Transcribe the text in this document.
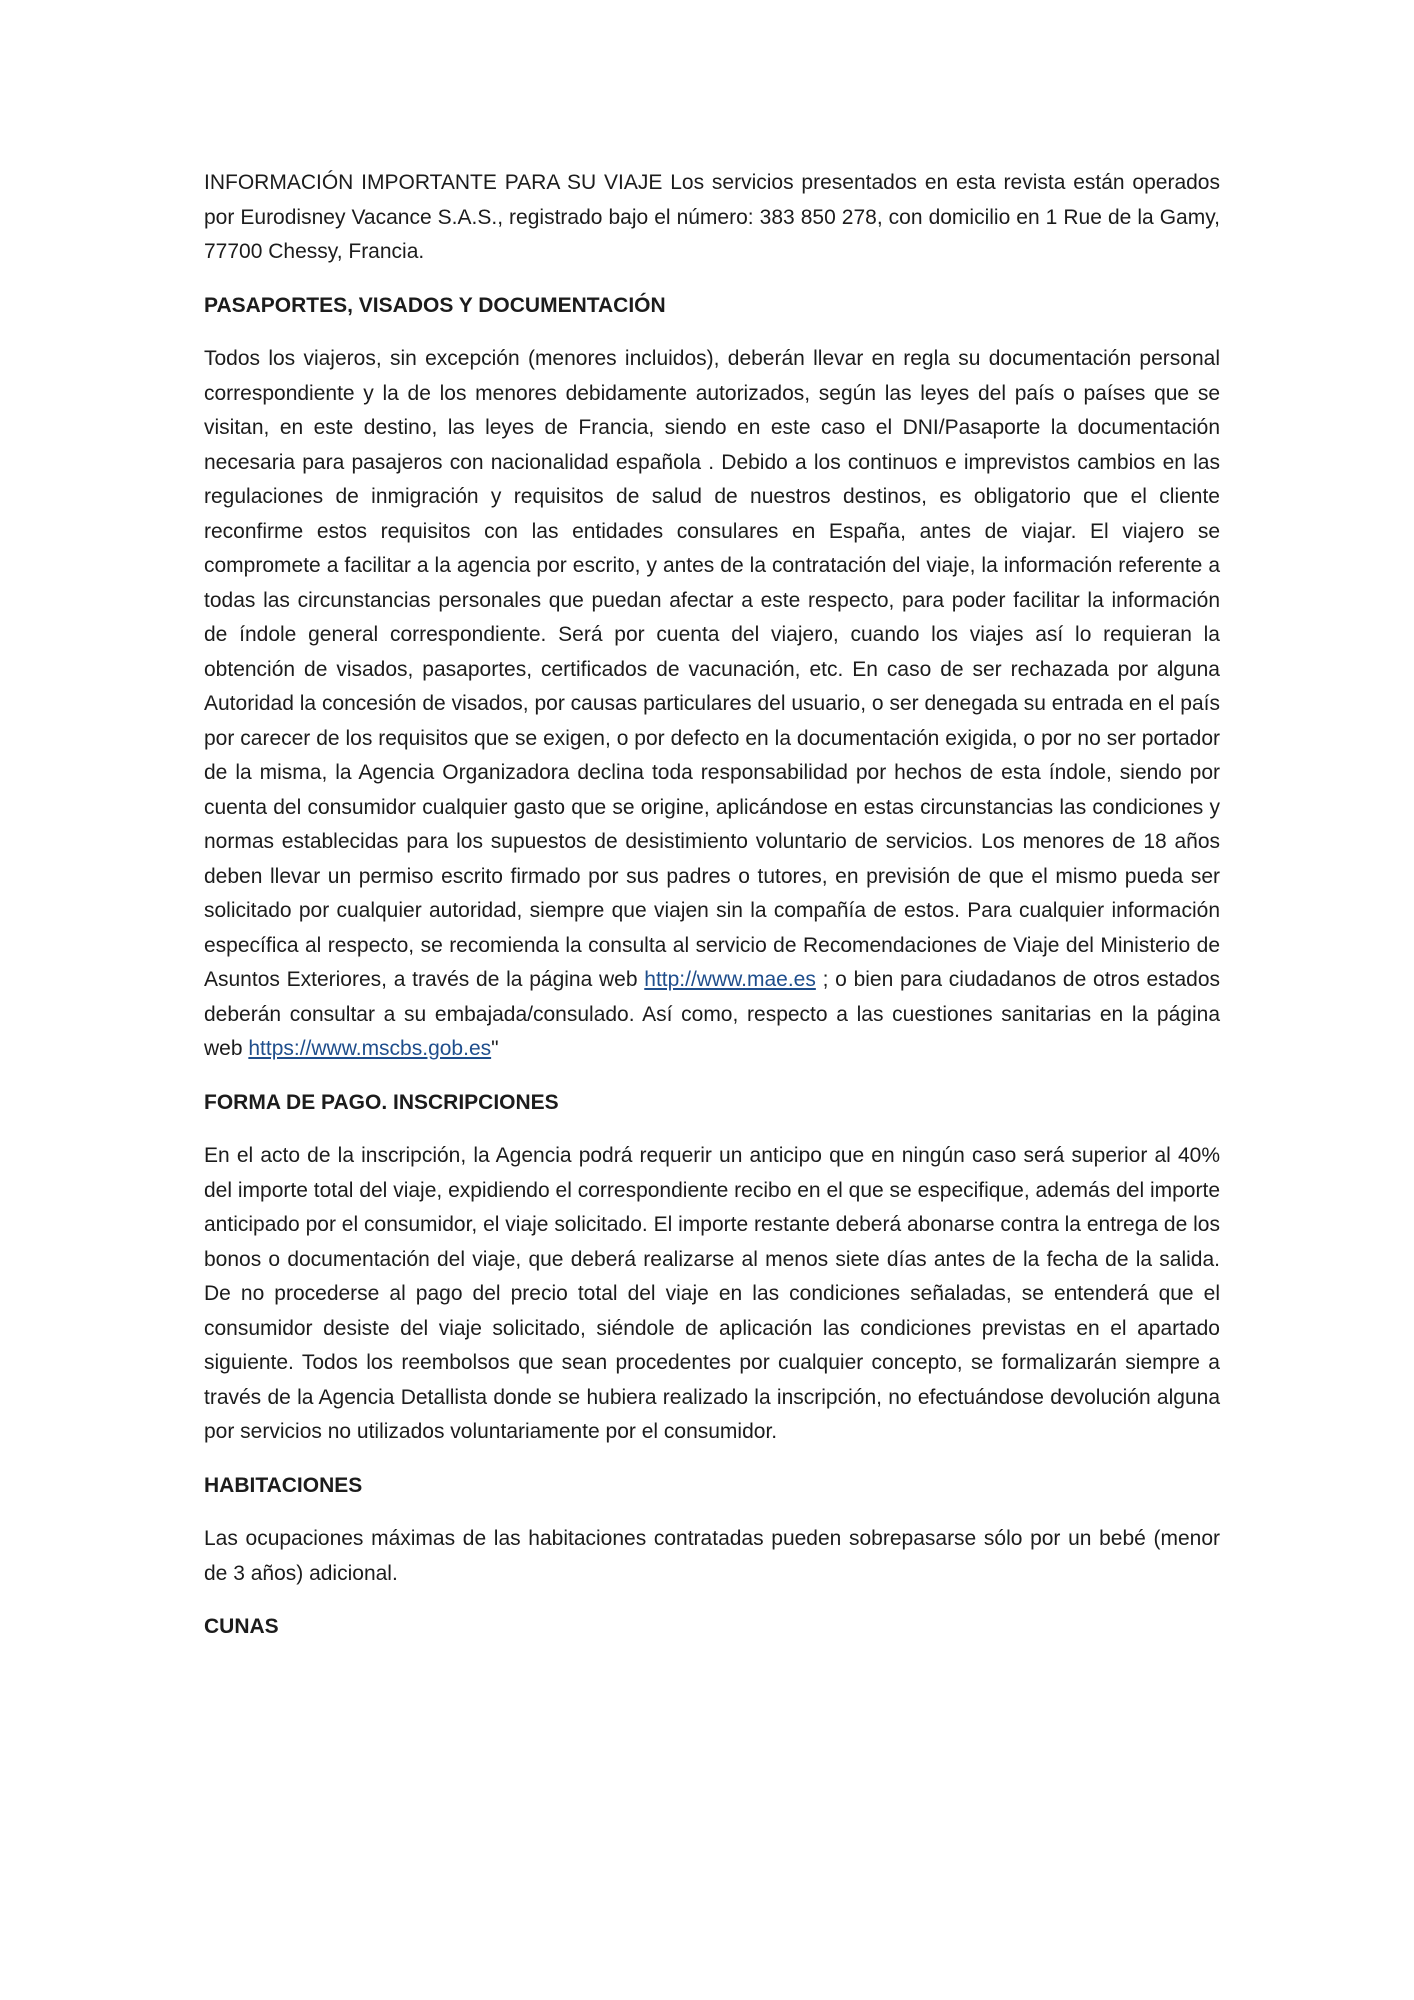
INFORMACIÓN IMPORTANTE PARA SU VIAJE Los servicios presentados en esta revista están operados por Eurodisney Vacance S.A.S., registrado bajo el número: 383 850 278, con domicilio en 1 Rue de la Gamy, 77700 Chessy, Francia.

PASAPORTES, VISADOS Y DOCUMENTACIÓN

Todos los viajeros, sin excepción (menores incluidos), deberán llevar en regla su documentación personal correspondiente y la de los menores debidamente autorizados, según las leyes del país o países que se visitan, en este destino, las leyes de Francia, siendo en este caso el DNI/Pasaporte la documentación necesaria para pasajeros con nacionalidad española . Debido a los continuos e imprevistos cambios en las regulaciones de inmigración y requisitos de salud de nuestros destinos, es obligatorio que el cliente reconfirme estos requisitos con las entidades consulares en España, antes de viajar. El viajero se compromete a facilitar a la agencia por escrito, y antes de la contratación del viaje, la información referente a todas las circunstancias personales que puedan afectar a este respecto, para poder facilitar la información de índole general correspondiente. Será por cuenta del viajero, cuando los viajes así lo requieran la obtención de visados, pasaportes, certificados de vacunación, etc. En caso de ser rechazada por alguna Autoridad la concesión de visados, por causas particulares del usuario, o ser denegada su entrada en el país por carecer de los requisitos que se exigen, o por defecto en la documentación exigida, o por no ser portador de la misma, la Agencia Organizadora declina toda responsabilidad por hechos de esta índole, siendo por cuenta del consumidor cualquier gasto que se origine, aplicándose en estas circunstancias las condiciones y normas establecidas para los supuestos de desistimiento voluntario de servicios. Los menores de 18 años deben llevar un permiso escrito firmado por sus padres o tutores, en previsión de que el mismo pueda ser solicitado por cualquier autoridad, siempre que viajen sin la compañía de estos. Para cualquier información específica al respecto, se recomienda la consulta al servicio de Recomendaciones de Viaje del Ministerio de Asuntos Exteriores, a través de la página web http://www.mae.es ; o bien para ciudadanos de otros estados deberán consultar a su embajada/consulado. Así como, respecto a las cuestiones sanitarias en la página web https://www.mscbs.gob.es"

FORMA DE PAGO. INSCRIPCIONES

En el acto de la inscripción, la Agencia podrá requerir un anticipo que en ningún caso será superior al 40% del importe total del viaje, expidiendo el correspondiente recibo en el que se especifique, además del importe anticipado por el consumidor, el viaje solicitado. El importe restante deberá abonarse contra la entrega de los bonos o documentación del viaje, que deberá realizarse al menos siete días antes de la fecha de la salida. De no procederse al pago del precio total del viaje en las condiciones señaladas, se entenderá que el consumidor desiste del viaje solicitado, siéndole de aplicación las condiciones previstas en el apartado siguiente. Todos los reembolsos que sean procedentes por cualquier concepto, se formalizarán siempre a través de la Agencia Detallista donde se hubiera realizado la inscripción, no efectuándose devolución alguna por servicios no utilizados voluntariamente por el consumidor.

HABITACIONES

Las ocupaciones máximas de las habitaciones contratadas pueden sobrepasarse sólo por un bebé (menor de 3 años) adicional.

CUNAS
